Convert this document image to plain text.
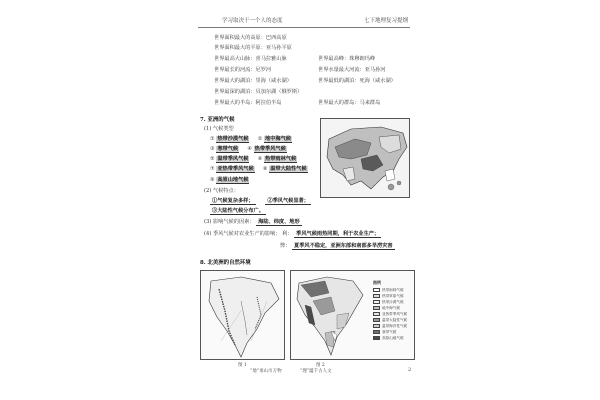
学习取决于一个人的态度	七下地理复习提纲
世界面积最大的高原：巴西高原
世界面积最大的平原：亚马孙平原
世界最高大山脉：喜马拉雅山脉	世界最高峰：珠穆朗玛峰
世界最长的河流：尼罗河	世界水量最大河流：亚马孙河
世界最大的湖泊：里海（咸水湖）	世界最低的湖泊：死海（咸水湖）
世界最深的湖泊：贝加尔湖（俄罗斯）
世界最大的半岛：阿拉伯半岛	世界最大的群岛：马来群岛
7. 亚洲的气候
(1) 气候类型
① 热带沙漠气候 ② 地中海气候
③ 寒带气候 ④ 热带季风气候
⑤ 温带季风气候 ⑥ 热带雨林气候
⑦ 亚热带季风气候 ⑧ 温带大陆性气候
⑨ 高原山地气候
(2) 气候特点：
①气候复杂多样；	②季风气候显著；
③大陆性气候分布广。
(3) 影响气候的因素： 海陆、纬度、地形
(4) 季风气候对农业生产的影响： 利： 季风气候雨热同期，利于农业生产；
弊： 夏季风不稳定，亚洲东部和南部多旱涝灾害
8. 北美洲的自然环境
图 1	图 2
图例
热带雨林气候
热带草原气候
热带沙漠气候
地中海气候
亚热带季风气候
温带大陆性气候
温带海洋性气候
寒带气候
高原山地气候
“地”承山川万物	“理”蕴千古人文	2
